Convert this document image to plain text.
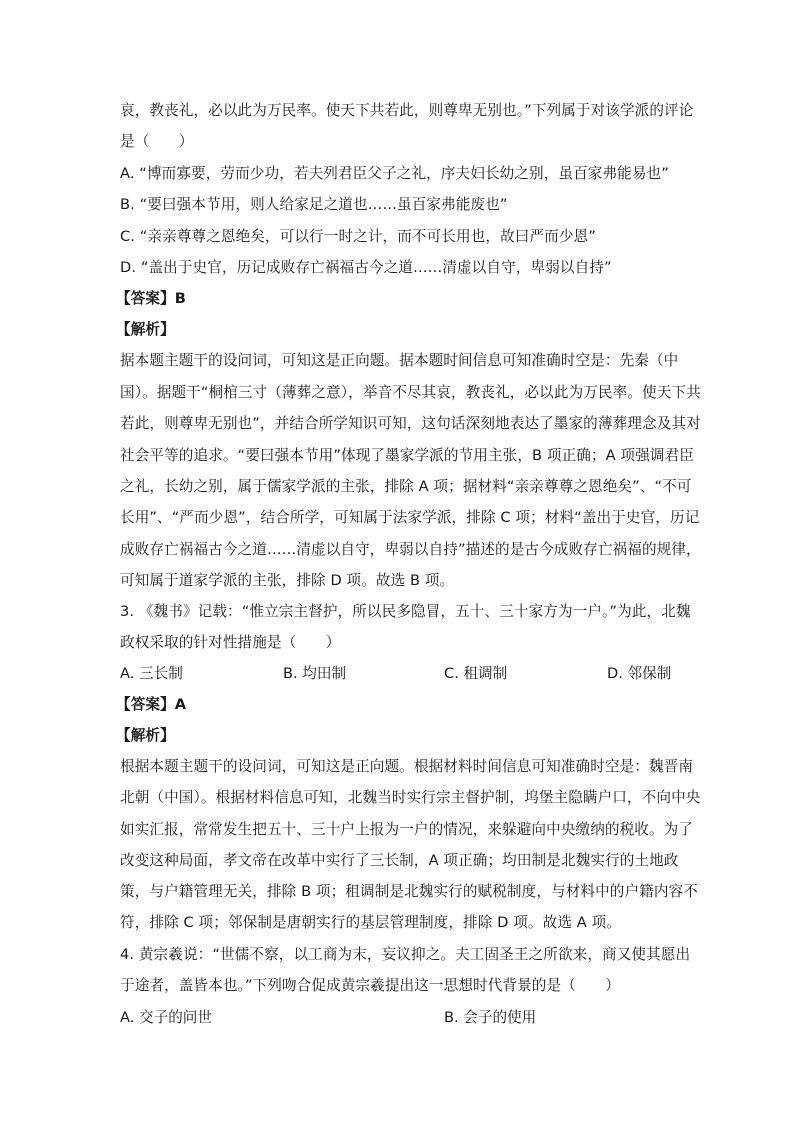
哀，教丧礼，必以此为万民率。使天下共若此，则尊卑无别也。”下列属于对该学派的评论
是（　　）
A. “博而寡要，劳而少功，若夫列君臣父子之礼，序夫妇长幼之别，虽百家弗能易也”
B. “要曰强本节用，则人给家足之道也……虽百家弗能废也”
C. “亲亲尊尊之恩绝矣，可以行一时之计，而不可长用也，故曰严而少恩”
D. “盖出于史官，历记成败存亡祸福古今之道……清虚以自守，卑弱以自持”
【答案】B
【解析】
据本题主题干的设问词，可知这是正向题。据本题时间信息可知准确时空是：先秦（中
国）。据题干“桐棺三寸（薄葬之意），举音不尽其哀，教丧礼，必以此为万民率。使天下共
若此，则尊卑无别也”，并结合所学知识可知，这句话深刻地表达了墨家的薄葬理念及其对
社会平等的追求。“要曰强本节用”体现了墨家学派的节用主张，B 项正确；A 项强调君臣
之礼，长幼之别，属于儒家学派的主张，排除 A 项；据材料“亲亲尊尊之恩绝矣”、“不可
长用”、“严而少恩”，结合所学，可知属于法家学派，排除 C 项；材料“盖出于史官，历记
成败存亡祸福古今之道……清虚以自守，卑弱以自持”描述的是古今成败存亡祸福的规律，
可知属于道家学派的主张，排除 D 项。故选 B 项。
3. 《魏书》记载：“惟立宗主督护，所以民多隐冒，五十、三十家方为一户。”为此，北魏
政权采取的针对性措施是（　　）
A. 三长制	B. 均田制	C. 租调制	D. 邻保制
【答案】A
【解析】
根据本题主题干的设问词，可知这是正向题。根据材料时间信息可知准确时空是：魏晋南
北朝（中国）。根据材料信息可知，北魏当时实行宗主督护制，坞堡主隐瞒户口，不向中央
如实汇报，常常发生把五十、三十户上报为一户的情况，来躲避向中央缴纳的税收。为了
改变这种局面，孝文帝在改革中实行了三长制，A 项正确；均田制是北魏实行的土地政
策，与户籍管理无关，排除 B 项；租调制是北魏实行的赋税制度，与材料中的户籍内容不
符，排除 C 项；邻保制是唐朝实行的基层管理制度，排除 D 项。故选 A 项。
4. 黄宗羲说：“世儒不察，以工商为末，妄议抑之。夫工固圣王之所欲来，商又使其愿出
于途者，盖皆本也。”下列吻合促成黄宗羲提出这一思想时代背景的是（　　）
A. 交子的问世	B. 会子的使用
